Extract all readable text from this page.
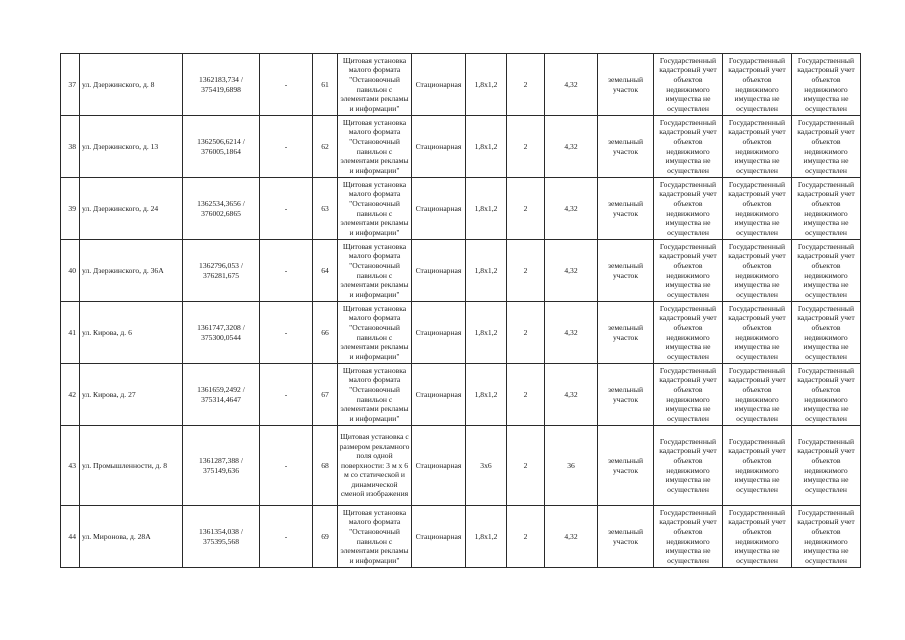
37	ул. Дзержинского, д. 8	1362183,734 / 375419,6898	-	61	Щитовая установка малого формата "Остановочный павильон с элементами рекламы и информации"	Стационарная	1,8х1,2	2	4,32	земельный участок	Государственный кадастровый учет объектов недвижимого имущества не осуществлен	Государственный кадастровый учет объектов недвижимого имущества не осуществлен	Государственный кадастровый учет объектов недвижимого имущества не осуществлен
38	ул. Дзержинского, д. 13	1362506,6214 / 376005,1864	-	62	Щитовая установка малого формата "Остановочный павильон с элементами рекламы и информации"	Стационарная	1,8х1,2	2	4,32	земельный участок	Государственный кадастровый учет объектов недвижимого имущества не осуществлен	Государственный кадастровый учет объектов недвижимого имущества не осуществлен	Государственный кадастровый учет объектов недвижимого имущества не осуществлен
39	ул. Дзержинского, д. 24	1362534,3656 / 376002,6865	-	63	Щитовая установка малого формата "Остановочный павильон с элементами рекламы и информации"	Стационарная	1,8х1,2	2	4,32	земельный участок	Государственный кадастровый учет объектов недвижимого имущества не осуществлен	Государственный кадастровый учет объектов недвижимого имущества не осуществлен	Государственный кадастровый учет объектов недвижимого имущества не осуществлен
40	ул. Дзержинского, д. 36А	1362796,053 / 376281,675	-	64	Щитовая установка малого формата "Остановочный павильон с элементами рекламы и информации"	Стационарная	1,8х1,2	2	4,32	земельный участок	Государственный кадастровый учет объектов недвижимого имущества не осуществлен	Государственный кадастровый учет объектов недвижимого имущества не осуществлен	Государственный кадастровый учет объектов недвижимого имущества не осуществлен
41	ул. Кирова, д. 6	1361747,3208 / 375300,0544	-	66	Щитовая установка малого формата "Остановочный павильон с элементами рекламы и информации"	Стационарная	1,8х1,2	2	4,32	земельный участок	Государственный кадастровый учет объектов недвижимого имущества не осуществлен	Государственный кадастровый учет объектов недвижимого имущества не осуществлен	Государственный кадастровый учет объектов недвижимого имущества не осуществлен
42	ул. Кирова, д. 27	1361659,2492 / 375314,4647	-	67	Щитовая установка малого формата "Остановочный павильон с элементами рекламы и информации"	Стационарная	1,8х1,2	2	4,32	земельный участок	Государственный кадастровый учет объектов недвижимого имущества не осуществлен	Государственный кадастровый учет объектов недвижимого имущества не осуществлен	Государственный кадастровый учет объектов недвижимого имущества не осуществлен
43	ул. Промышленности, д. 8	1361287,388 / 375149,636	-	68	Щитовая установка с размером рекламного поля одной поверхности: 3 м х 6 м со статической и динамической сменой изображения	Стационарная	3х6	2	36	земельный участок	Государственный кадастровый учет объектов недвижимого имущества не осуществлен	Государственный кадастровый учет объектов недвижимого имущества не осуществлен	Государственный кадастровый учет объектов недвижимого имущества не осуществлен
44	ул. Миронова, д. 28А	1361354,038 / 375395,568	-	69	Щитовая установка малого формата "Остановочный павильон с элементами рекламы и информации"	Стационарная	1,8х1,2	2	4,32	земельный участок	Государственный кадастровый учет объектов недвижимого имущества не осуществлен	Государственный кадастровый учет объектов недвижимого имущества не осуществлен	Государственный кадастровый учет объектов недвижимого имущества не осуществлен
